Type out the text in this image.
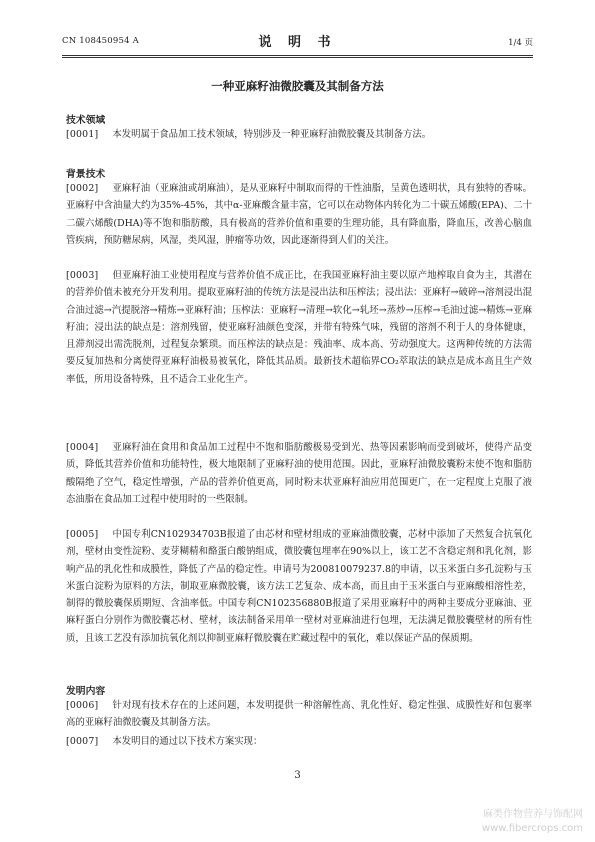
CN 108450954 A	说 明 书	1/4 页
一种亚麻籽油微胶囊及其制备方法
技术领域

[0001] 本发明属于食品加工技术领域，特别涉及一种亚麻籽油微胶囊及其制备方法。

背景技术

[0002] 亚麻籽油（亚麻油或胡麻油），是从亚麻籽中制取而得的干性油脂，呈黄色透明状，具有独特的香味。亚麻籽中含油量大约为35%-45%，其中α-亚麻酸含量丰富，它可以在动物体内转化为二十碳五烯酸(EPA)、二十二碳六烯酸(DHA)等不饱和脂肪酸，具有极高的营养价值和重要的生理功能，具有降血脂，降血压，改善心脑血管疾病，预防糖尿病，风湿，类风湿，肿瘤等功效，因此逐渐得到人们的关注。

[0003] 但亚麻籽油工业使用程度与营养价值不成正比，在我国亚麻籽油主要以原产地榨取自食为主，其潜在的营养价值未被充分开发利用。提取亚麻籽油的传统方法是浸出法和压榨法；浸出法：亚麻籽→破碎→溶剂浸出混合油过滤→汽提脱溶→精炼→亚麻籽油；压榨法：亚麻籽→清理→软化→轧坯→蒸炒→压榨→毛油过滤→精炼→亚麻籽油；浸出法的缺点是：溶剂残留，使亚麻籽油颜色变深，并带有特殊气味，残留的溶剂不利于人的身体健康，且滞剂浸出需洗脱剂，过程复杂繁琐。而压榨法的缺点是：残油率、成本高、劳动强度大。这两种传统的方法需要反复加热和分离使得亚麻籽油极易被氧化，降低其品质。最新技术超临界CO₂萃取法的缺点是成本高且生产效率低，所用设备特殊，且不适合工业化生产。

[0004] 亚麻籽油在食用和食品加工过程中不饱和脂肪酸极易受到光、热等因素影响而受到破坏，使得产品变质，降低其营养价值和功能特性，极大地限制了亚麻籽油的使用范围。因此，亚麻籽油微胶囊粉末使不饱和脂肪酸隔绝了空气，稳定性增强，产品的营养价值更高，同时粉末状亚麻籽油应用范围更广，在一定程度上克服了液态油脂在食品加工过程中使用时的一些限制。

[0005] 中国专利CN102934703B报道了由芯材和壁材组成的亚麻油微胶囊，芯材中添加了天然复合抗氧化剂，壁材由变性淀粉、麦芽糊精和酪蛋白酸钠组成，微胶囊包埋率在90%以上，该工艺不含稳定剂和乳化剂，影响产品的乳化性和成膜性，降低了产品的稳定性。申请号为200810079237.8的申请，以玉米蛋白多孔淀粉与玉米蛋白淀粉为原料的方法，制取亚麻微胶囊，该方法工艺复杂、成本高，而且由于玉米蛋白与亚麻酸相溶性差，制得的微胶囊保质期短、含油率低。中国专利CN102356880B报道了采用亚麻籽中的两种主要成分亚麻油、亚麻籽蛋白分别作为微胶囊芯材、壁材，该法制备采用单一壁材对亚麻油进行包埋，无法满足微胶囊壁材的所有性质，且该工艺没有添加抗氧化剂以抑制亚麻籽微胶囊在贮藏过程中的氧化，难以保证产品的保质期。

发明内容

[0006] 针对现有技术存在的上述问题，本发明提供一种溶解性高、乳化性好、稳定性强、成膜性好和包裹率高的亚麻籽油微胶囊及其制备方法。

[0007] 本发明目的通过以下技术方案实现：

3
麻类作物营养与饰配网
www.fibercrops.com
